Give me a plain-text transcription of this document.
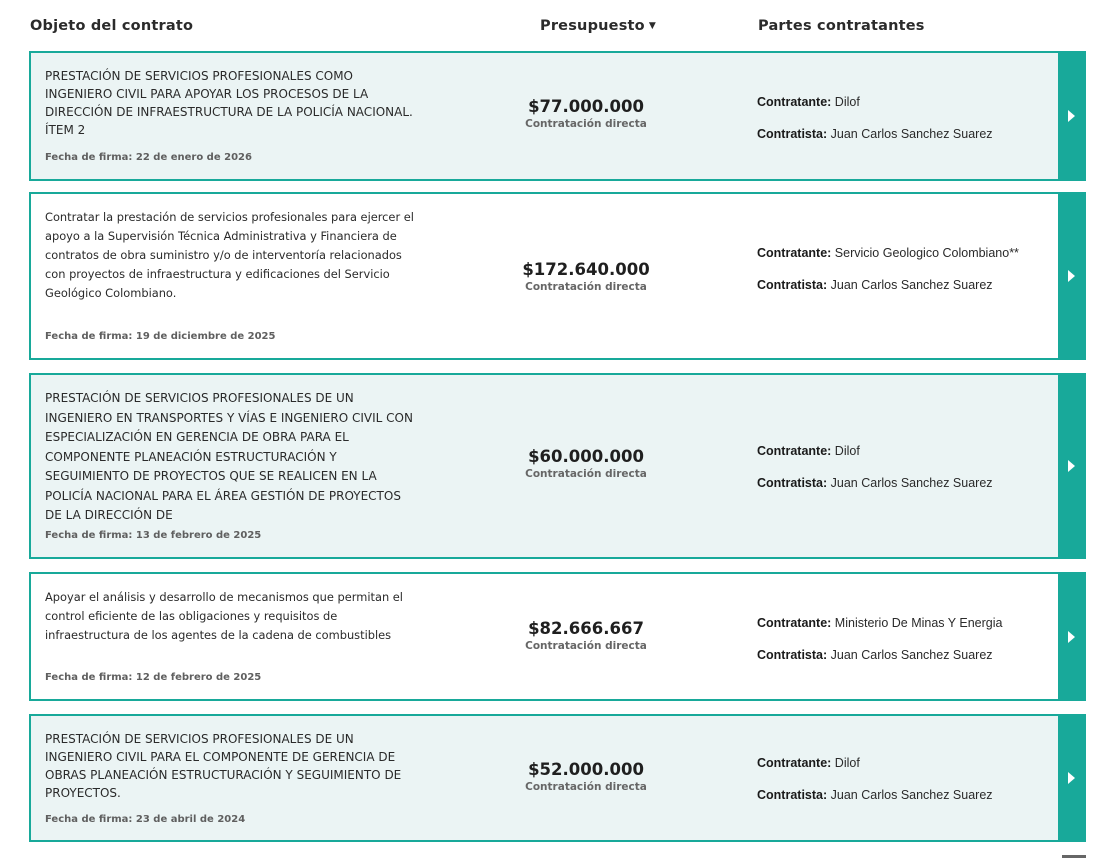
Objeto del contrato	Presupuesto ▼	Partes contratantes
PRESTACIÓN DE SERVICIOS PROFESIONALES COMO INGENIERO CIVIL PARA APOYAR LOS PROCESOS DE LA DIRECCIÓN DE INFRAESTRUCTURA DE LA POLICÍA NACIONAL. ÍTEM 2
Fecha de firma: 22 de enero de 2026
$77.000.000
Contratación directa
Contratante: Dilof
Contratista: Juan Carlos Sanchez Suarez
Contratar la prestación de servicios profesionales para ejercer el apoyo a la Supervisión Técnica Administrativa y Financiera de contratos de obra suministro y/o de interventoría relacionados con proyectos de infraestructura y edificaciones del Servicio Geológico Colombiano.
Fecha de firma: 19 de diciembre de 2025
$172.640.000
Contratación directa
Contratante: Servicio Geologico Colombiano**
Contratista: Juan Carlos Sanchez Suarez
PRESTACIÓN DE SERVICIOS PROFESIONALES DE UN INGENIERO EN TRANSPORTES Y VÍAS E INGENIERO CIVIL CON ESPECIALIZACIÓN EN GERENCIA DE OBRA PARA EL COMPONENTE PLANEACIÓN ESTRUCTURACIÓN Y SEGUIMIENTO DE PROYECTOS QUE SE REALICEN EN LA POLICÍA NACIONAL PARA EL ÁREA GESTIÓN DE PROYECTOS DE LA DIRECCIÓN DE
Fecha de firma: 13 de febrero de 2025
$60.000.000
Contratación directa
Contratante: Dilof
Contratista: Juan Carlos Sanchez Suarez
Apoyar el análisis y desarrollo de mecanismos que permitan el control eficiente de las obligaciones y requisitos de infraestructura de los agentes de la cadena de combustibles
Fecha de firma: 12 de febrero de 2025
$82.666.667
Contratación directa
Contratante: Ministerio De Minas Y Energia
Contratista: Juan Carlos Sanchez Suarez
PRESTACIÓN DE SERVICIOS PROFESIONALES DE UN INGENIERO CIVIL PARA EL COMPONENTE DE GERENCIA DE OBRAS PLANEACIÓN ESTRUCTURACIÓN Y SEGUIMIENTO DE PROYECTOS.
Fecha de firma: 23 de abril de 2024
$52.000.000
Contratación directa
Contratante: Dilof
Contratista: Juan Carlos Sanchez Suarez
